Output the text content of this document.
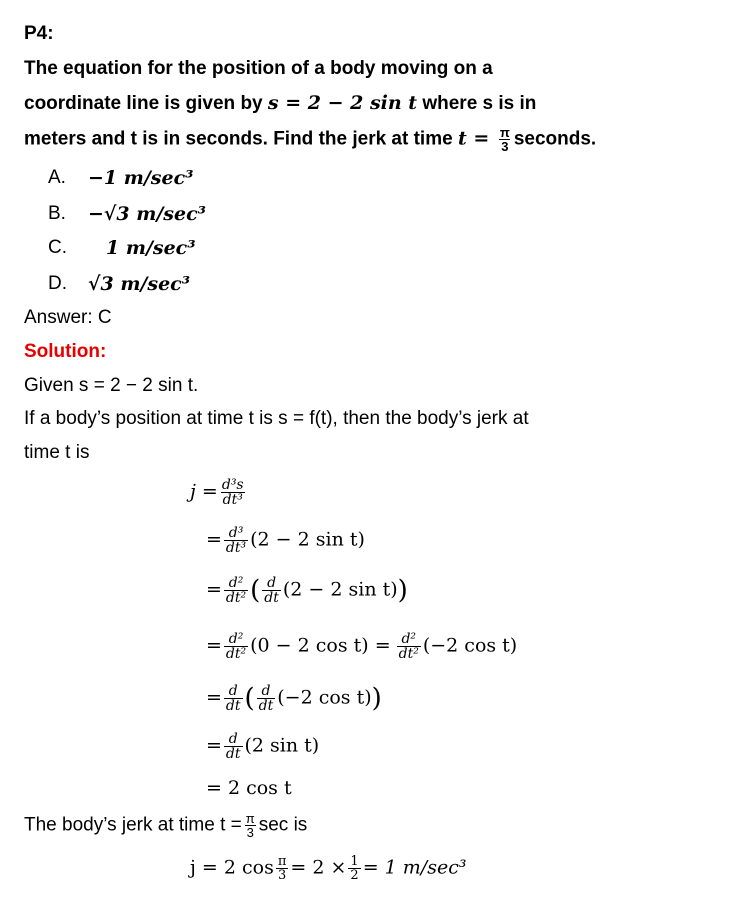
P4:
The equation for the position of a body moving on a
coordinate line is given by s = 2 − 2 sin t where s is in
meters and t is in seconds. Find the jerk at time $t = \frac{\pi}{3}$ seconds.
A. −1 m/sec³
B. −√3 m/sec³
C. 1 m/sec³
D. √3 m/sec³
Answer: C
Solution:
Given s = 2 − 2 sin t.
If a body’s position at time t is s = f(t), then the body’s jerk at
time t is
$j = \frac{\text{d³s}}{\text{dt³}}$
= $\frac{\text{d³}}{\text{dt³}} (2 - 2$ sin t)
= $\frac{\text{d²}}{\text{dt²}}$ ( $\frac{d}{dt} (2 - 2$ sin t))
= $\frac{\text{d²}}{\text{dt²}} (0 - 2$ $\cos t) = \frac{\text{d²}}{\text{dt²}} (-2$ cos t)
= $\frac{d}{dt}$ ( $\frac{d}{dt} (-2$ cos t))
= $\frac{d}{dt} (2$ sin t)
= 2 cos t
The body’s jerk at time $t = \frac{\pi}{3}$ sec is
j = 2 $\cos \frac{\pi}{3} = 2 \times \frac{1}{2} = 1$ m/sec³
